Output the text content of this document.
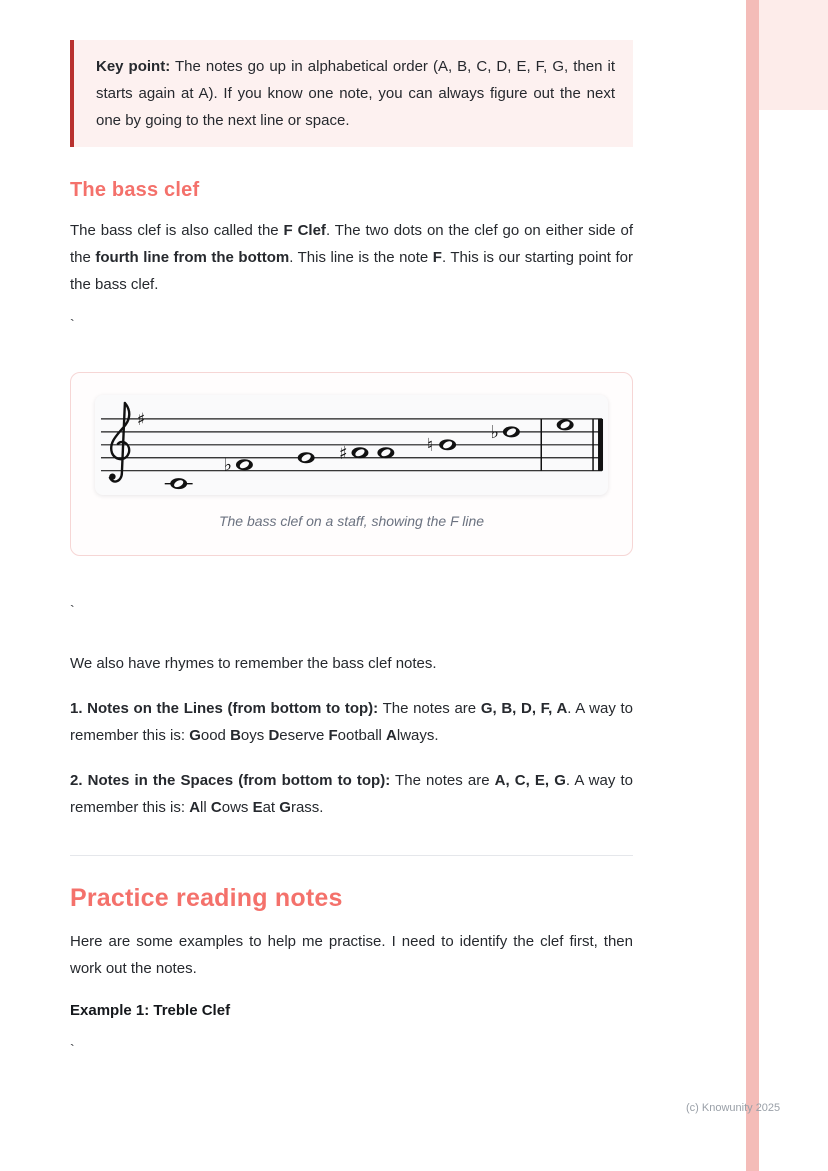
Key point: The notes go up in alphabetical order (A, B, C, D, E, F, G, then it starts again at A). If you know one note, you can always figure out the next one by going to the next line or space.
The bass clef

The bass clef is also called the F Clef. The two dots on the clef go on either side of the fourth line from the bottom. This line is the note F. This is our starting point for the bass clef.

`

♯
♭
♯	♮
♭
The bass clef on a staff, showing the F line

`

We also have rhymes to remember the bass clef notes.

1. Notes on the Lines (from bottom to top): The notes are G, B, D, F, A. A way to remember this is: Good Boys Deserve Football Always.

2. Notes in the Spaces (from bottom to top): The notes are A, C, E, G. A way to remember this is: All Cows Eat Grass.

Practice reading notes

Here are some examples to help me practise. I need to identify the clef first, then work out the notes.

Example 1: Treble Clef

`

(c) Knowunity 2025
